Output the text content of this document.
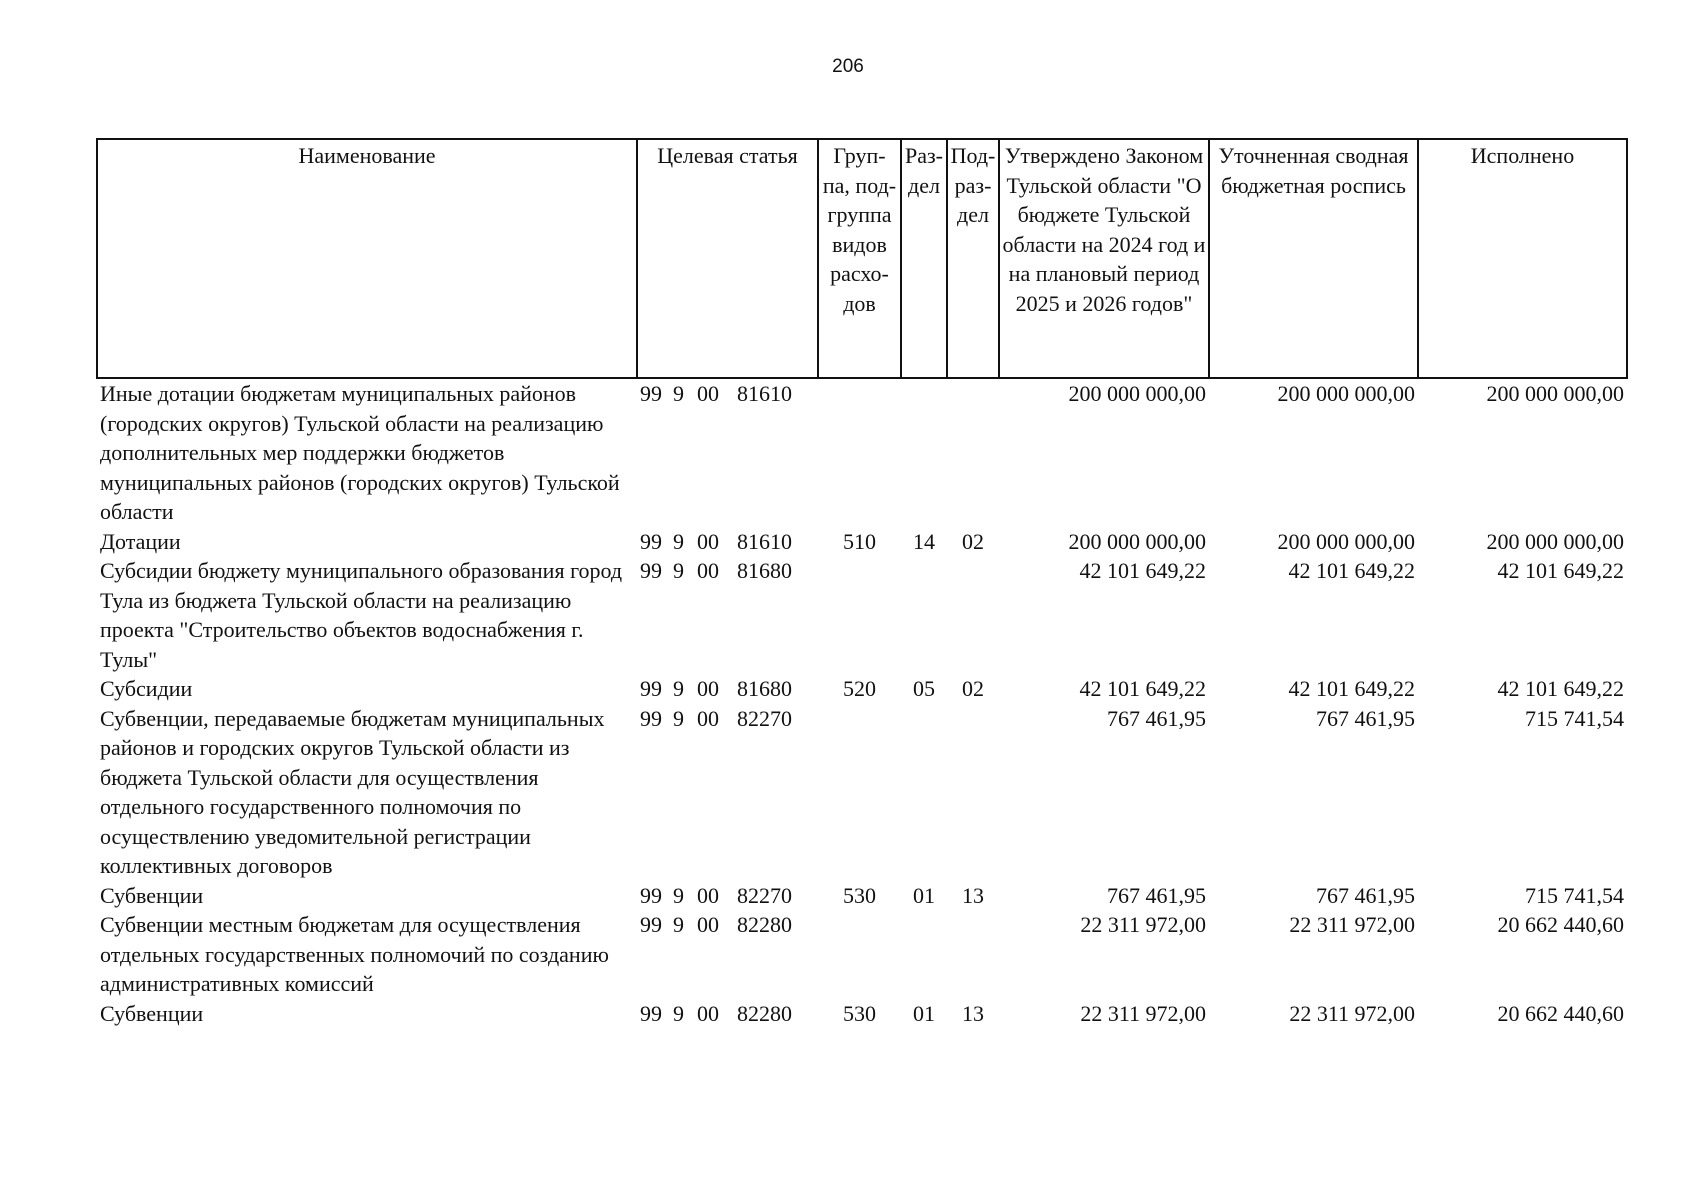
206
Наименование	Целевая статья	Груп-па, под-группа видов расхо-дов	Раз-дел	Под-раз-дел	Утверждено Законом Тульской области "О бюджете Тульской области на 2024 год и на плановый период 2025 и 2026 годов"	Уточненная сводная бюджетная роспись	Исполнено
Иные дотации бюджетам муниципальных районов (городских округов) Тульской области на реализацию дополнительных мер поддержки бюджетов муниципальных районов (городских округов) Тульской области	99 9 00 81610				200 000 000,00	200 000 000,00	200 000 000,00
Дотации	99 9 00 81610	510	14	02	200 000 000,00	200 000 000,00	200 000 000,00
Субсидии бюджету муниципального образования город Тула из бюджета Тульской области на реализацию проекта "Строительство объектов водоснабжения г. Тулы"	99 9 00 81680				42 101 649,22	42 101 649,22	42 101 649,22
Субсидии	99 9 00 81680	520	05	02	42 101 649,22	42 101 649,22	42 101 649,22
Субвенции, передаваемые бюджетам муниципальных районов и городских округов Тульской области из бюджета Тульской области для осуществления отдельного государственного полномочия по осуществлению уведомительной регистрации коллективных договоров	99 9 00 82270				767 461,95	767 461,95	715 741,54
Субвенции	99 9 00 82270	530	01	13	767 461,95	767 461,95	715 741,54
Субвенции местным бюджетам для осуществления отдельных государственных полномочий по созданию административных комиссий	99 9 00 82280				22 311 972,00	22 311 972,00	20 662 440,60
Субвенции	99 9 00 82280	530	01	13	22 311 972,00	22 311 972,00	20 662 440,60
